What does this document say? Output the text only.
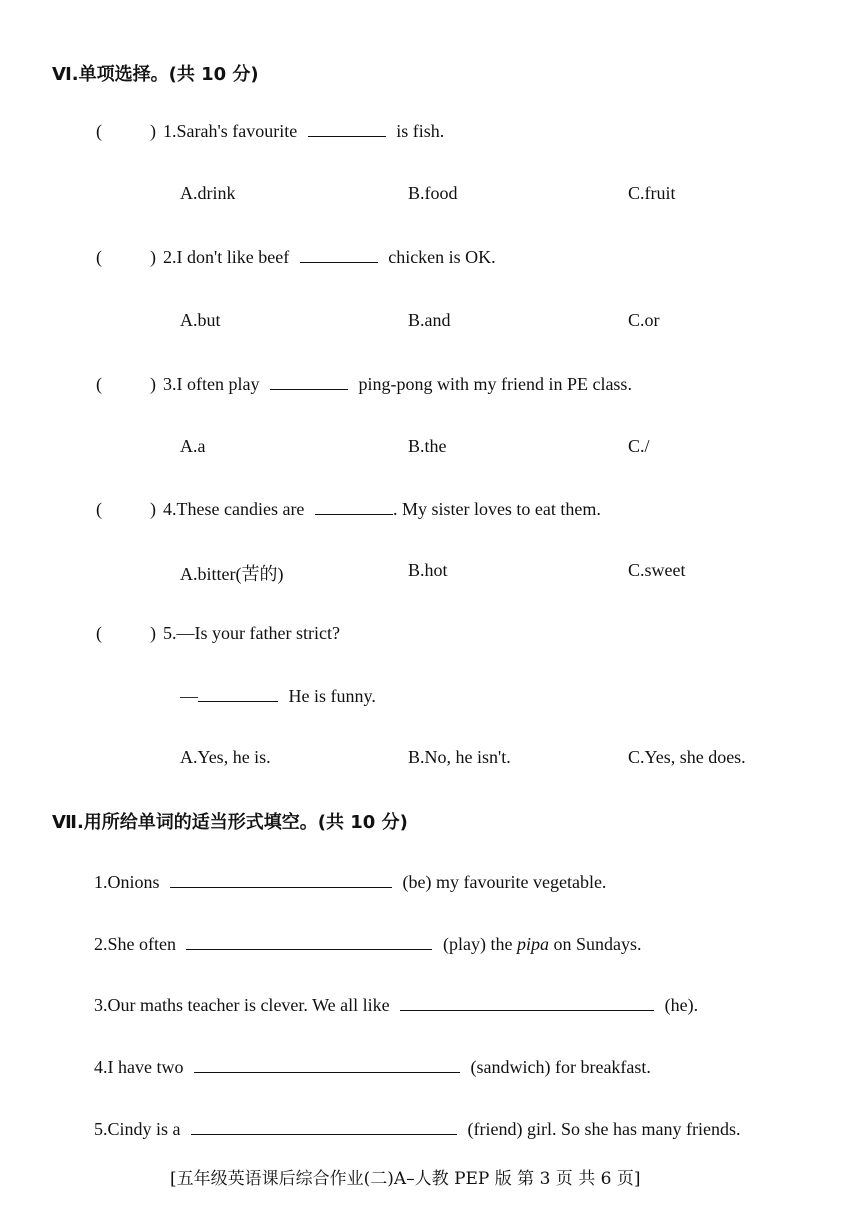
Ⅵ.单项选择。(共 10 分)
(	) 1.Sarah's favourite	is fish.
A.drink	B.food	C.fruit
(	) 2.I don't like beef	chicken is OK.
A.but	B.and	C.or
(	) 3.I often play	ping-pong with my friend in PE class.
A.a	B.the	C./
(	) 4.These candies are	. My sister loves to eat them.
A.bitter(苦的)	B.hot	C.sweet
(	) 5.—Is your father strict?
—	He is funny.
A.Yes, he is.	B.No, he isn't.	C.Yes, she does.
Ⅶ.用所给单词的适当形式填空。(共 10 分)
1.Onions	(be) my favourite vegetable.
2.She often	(play) the pipa on Sundays.
3.Our maths teacher is clever. We all like	(he).
4.I have two	(sandwich) for breakfast.
5.Cindy is a	(friend) girl. So she has many friends.
[五年级英语课后综合作业(二)A–人教 PEP 版 第 3 页 共 6 页]
